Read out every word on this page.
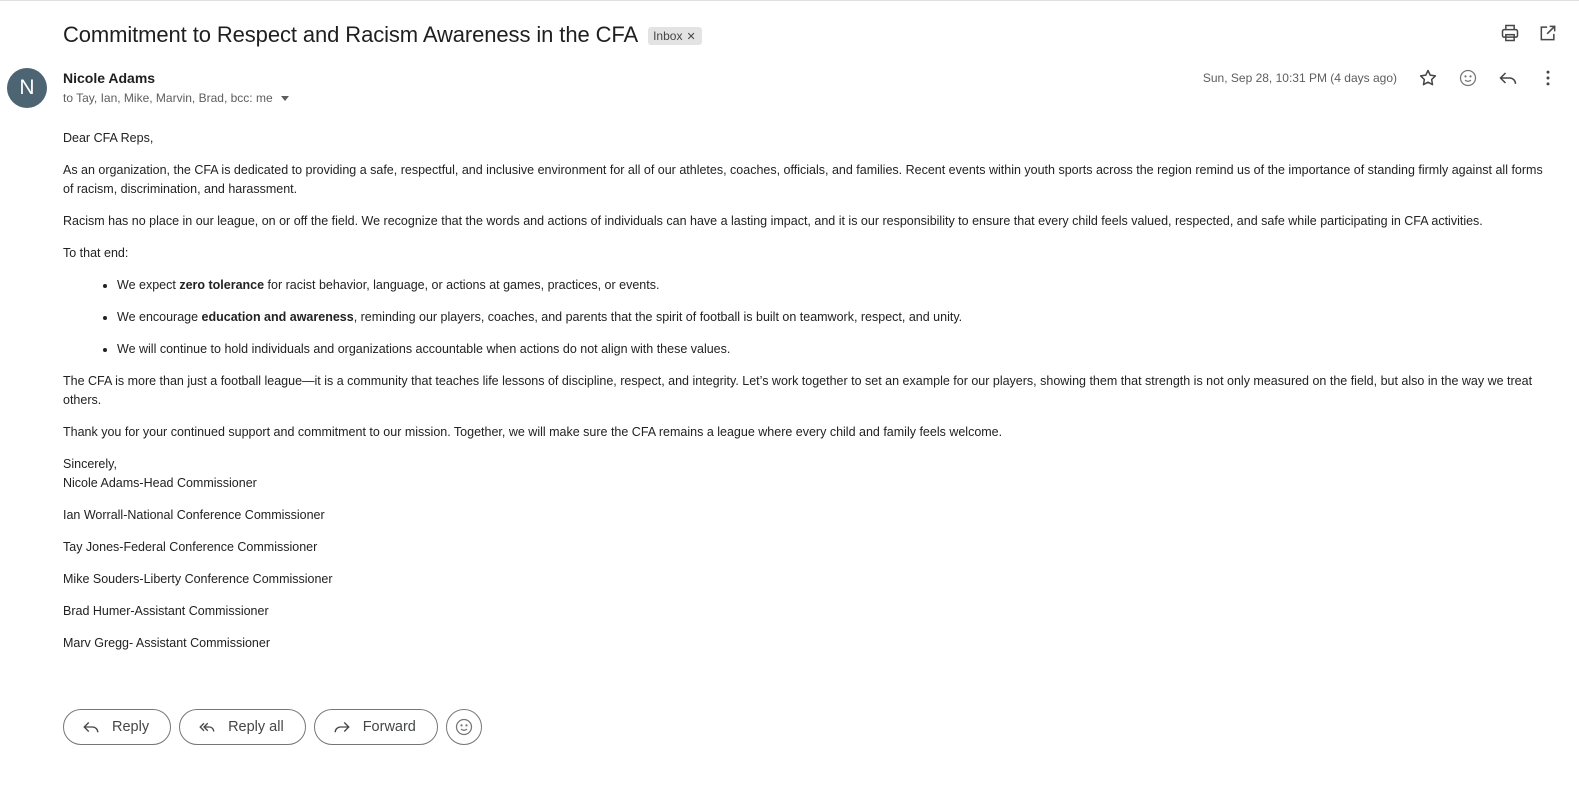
Commitment to Respect and Racism Awareness in the CFA Inbox ✕
N	Nicole Adams
to Tay, Ian, Mike, Marvin, Brad, bcc: me
Sun, Sep 28, 10:31 PM (4 days ago)

Dear CFA Reps,

As an organization, the CFA is dedicated to providing a safe, respectful, and inclusive environment for all of our athletes, coaches, officials, and families. Recent events within youth sports across the region remind us of the importance of standing firmly against all forms of racism, discrimination, and harassment.

Racism has no place in our league, on or off the field. We recognize that the words and actions of individuals can have a lasting impact, and it is our responsibility to ensure that every child feels valued, respected, and safe while participating in CFA activities.

To that end:

• We expect zero tolerance for racist behavior, language, or actions at games, practices, or events.
• We encourage education and awareness, reminding our players, coaches, and parents that the spirit of football is built on teamwork, respect, and unity.
• We will continue to hold individuals and organizations accountable when actions do not align with these values.

The CFA is more than just a football league—it is a community that teaches life lessons of discipline, respect, and integrity. Let’s work together to set an example for our players, showing them that strength is not only measured on the field, but also in the way we treat others.

Thank you for your continued support and commitment to our mission. Together, we will make sure the CFA remains a league where every child and family feels welcome.

Sincerely,

Nicole Adams-Head Commissioner

Ian Worrall-National Conference Commissioner

Tay Jones-Federal Conference Commissioner

Mike Souders-Liberty Conference Commissioner

Brad Humer-Assistant Commissioner

Marv Gregg- Assistant Commissioner

Reply	Reply all	Forward
